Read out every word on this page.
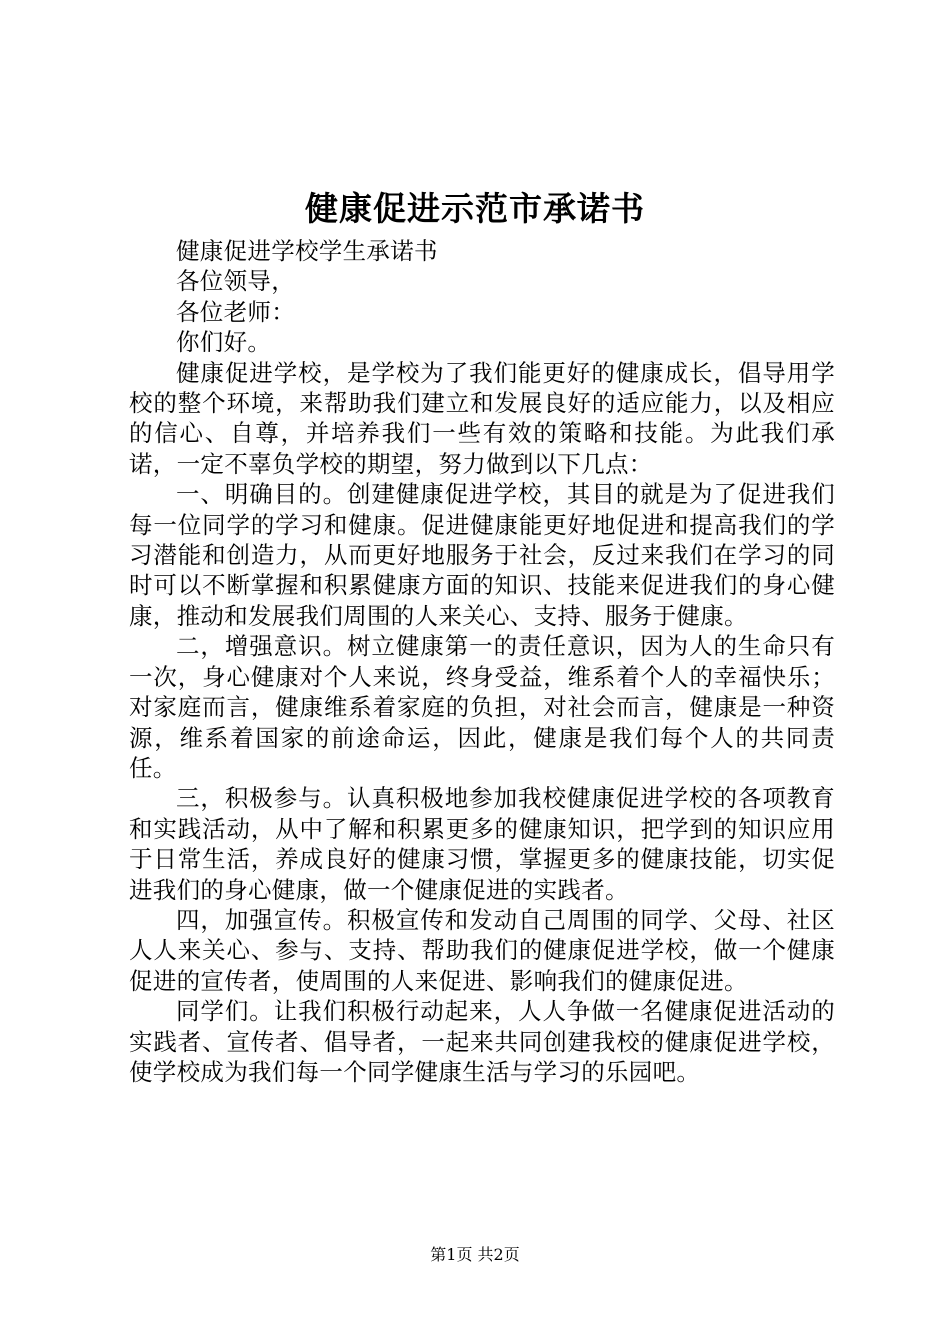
健康促进示范市承诺书

健康促进学校学生承诺书

各位领导，

各位老师：

你们好。

健康促进学校，是学校为了我们能更好的健康成长，倡导用学校的整个环境，来帮助我们建立和发展良好的适应能力，以及相应的信心、自尊，并培养我们一些有效的策略和技能。为此我们承诺，一定不辜负学校的期望，努力做到以下几点：

一、明确目的。创建健康促进学校，其目的就是为了促进我们每一位同学的学习和健康。促进健康能更好地促进和提高我们的学习潜能和创造力，从而更好地服务于社会，反过来我们在学习的同时可以不断掌握和积累健康方面的知识、技能来促进我们的身心健康，推动和发展我们周围的人来关心、支持、服务于健康。

二，增强意识。树立健康第一的责任意识，因为人的生命只有一次，身心健康对个人来说，终身受益，维系着个人的幸福快乐；对家庭而言，健康维系着家庭的负担，对社会而言，健康是一种资源，维系着国家的前途命运，因此，健康是我们每个人的共同责任。

三，积极参与。认真积极地参加我校健康促进学校的各项教育和实践活动，从中了解和积累更多的健康知识，把学到的知识应用于日常生活，养成良好的健康习惯，掌握更多的健康技能，切实促进我们的身心健康，做一个健康促进的实践者。

四，加强宣传。积极宣传和发动自己周围的同学、父母、社区人人来关心、参与、支持、帮助我们的健康促进学校，做一个健康促进的宣传者，使周围的人来促进、影响我们的健康促进。

同学们。让我们积极行动起来，人人争做一名健康促进活动的实践者、宣传者、倡导者，一起来共同创建我校的健康促进学校，使学校成为我们每一个同学健康生活与学习的乐园吧。

第1页 共2页
